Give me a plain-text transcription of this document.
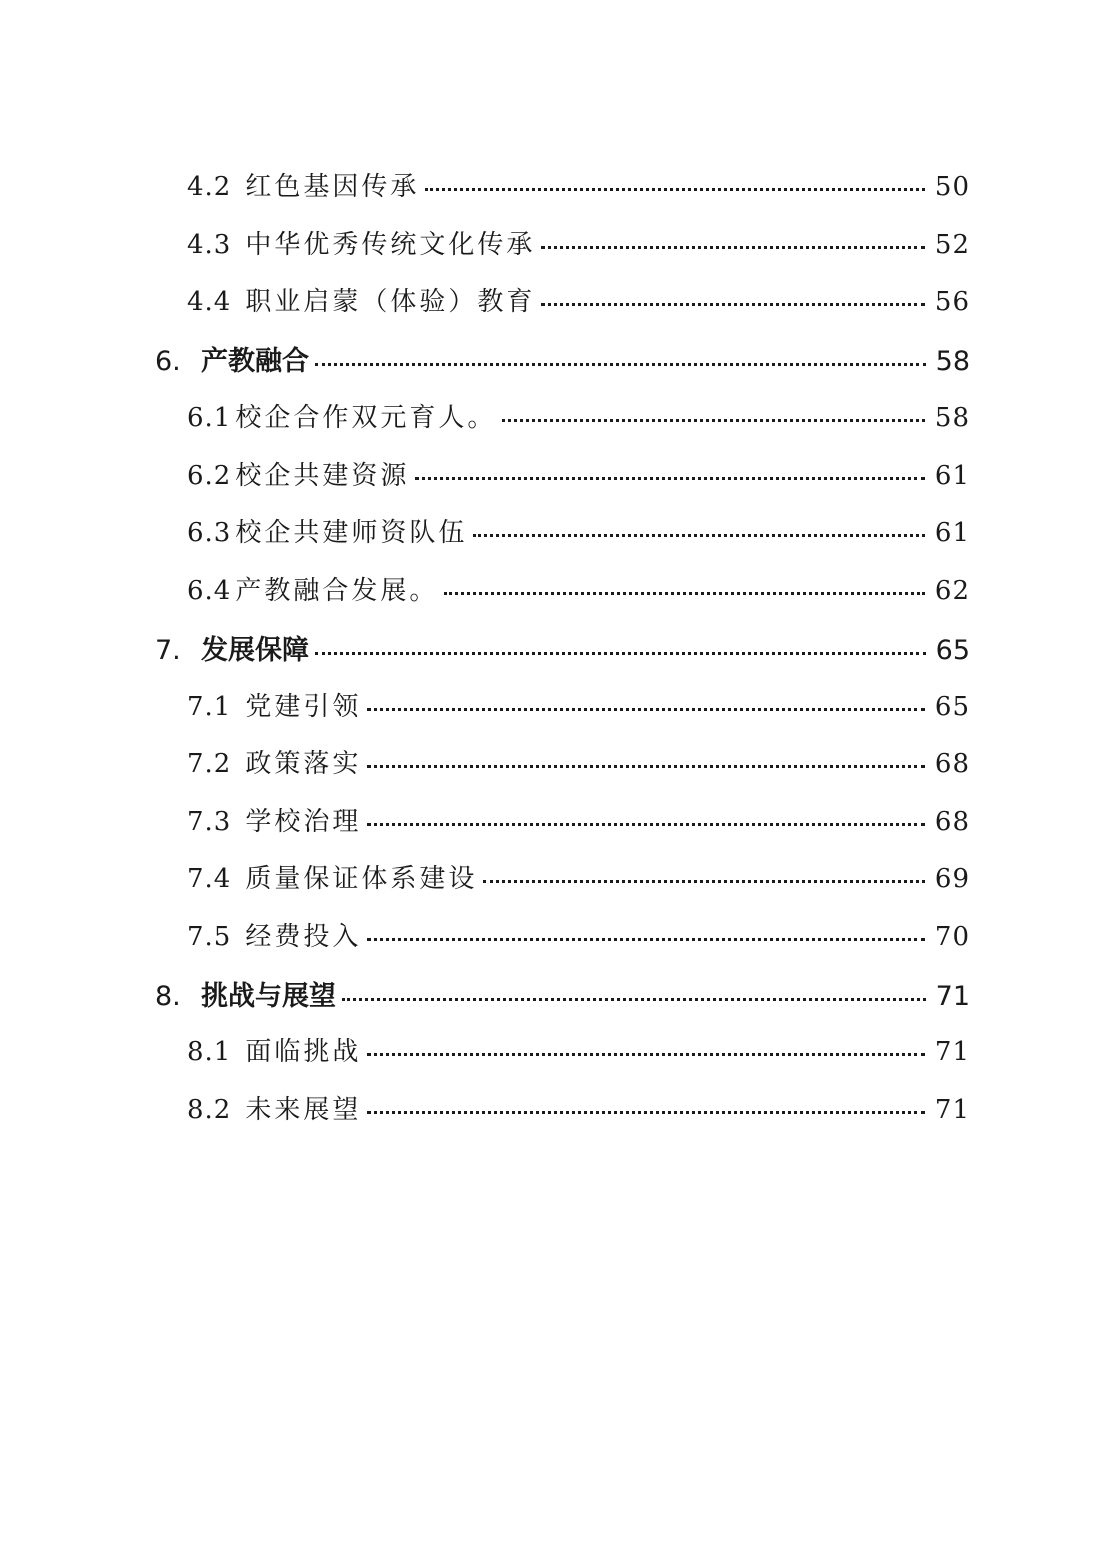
4.2 红色基因传承	50
4.3 中华优秀传统文化传承	52
4.4 职业启蒙（体验）教育	56
6. 产教融合	58
6.1 校企合作双元育人。	58
6.2 校企共建资源	61
6.3 校企共建师资队伍	61
6.4 产教融合发展。	62
7. 发展保障	65
7.1 党建引领	65
7.2 政策落实	68
7.3 学校治理	68
7.4 质量保证体系建设	69
7.5 经费投入	70
8. 挑战与展望	71
8.1 面临挑战	71
8.2 未来展望	71
